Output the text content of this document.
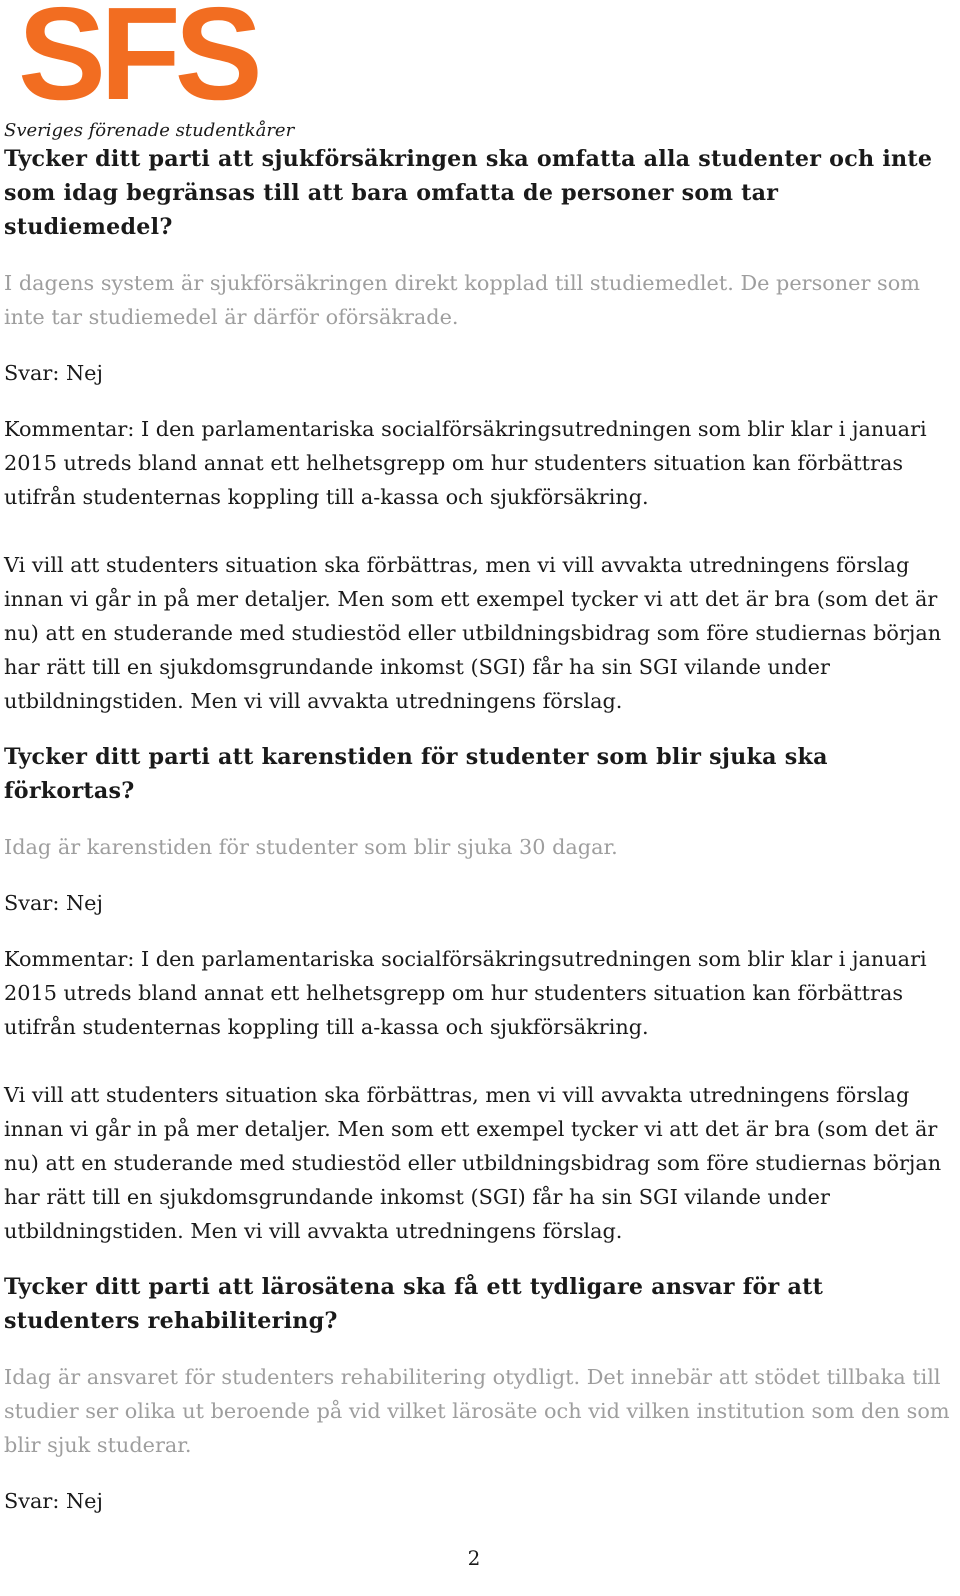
SFS
Sveriges förenade studentkårer

Tycker ditt parti att sjukförsäkringen ska omfatta alla studenter och inte som idag begränsas till att bara omfatta de personer som tar studiemedel?

I dagens system är sjukförsäkringen direkt kopplad till studiemedlet. De personer som inte tar studiemedel är därför oförsäkrade.

Svar: Nej

Kommentar: I den parlamentariska socialförsäkringsutredningen som blir klar i januari 2015 utreds bland annat ett helhetsgrepp om hur studenters situation kan förbättras utifrån studenternas koppling till a-kassa och sjukförsäkring.

Vi vill att studenters situation ska förbättras, men vi vill avvakta utredningens förslag innan vi går in på mer detaljer. Men som ett exempel tycker vi att det är bra (som det är nu) att en studerande med studiestöd eller utbildningsbidrag som före studiernas början har rätt till en sjukdomsgrundande inkomst (SGI) får ha sin SGI vilande under utbildningstiden. Men vi vill avvakta utredningens förslag.

Tycker ditt parti att karenstiden för studenter som blir sjuka ska förkortas?

Idag är karenstiden för studenter som blir sjuka 30 dagar.

Svar: Nej

Kommentar: I den parlamentariska socialförsäkringsutredningen som blir klar i januari 2015 utreds bland annat ett helhetsgrepp om hur studenters situation kan förbättras utifrån studenternas koppling till a-kassa och sjukförsäkring.

Vi vill att studenters situation ska förbättras, men vi vill avvakta utredningens förslag innan vi går in på mer detaljer. Men som ett exempel tycker vi att det är bra (som det är nu) att en studerande med studiestöd eller utbildningsbidrag som före studiernas början har rätt till en sjukdomsgrundande inkomst (SGI) får ha sin SGI vilande under utbildningstiden. Men vi vill avvakta utredningens förslag.

Tycker ditt parti att lärosätena ska få ett tydligare ansvar för att studenters rehabilitering?

Idag är ansvaret för studenters rehabilitering otydligt. Det innebär att stödet tillbaka till studier ser olika ut beroende på vid vilket lärosäte och vid vilken institution som den som blir sjuk studerar.

Svar: Nej

2
